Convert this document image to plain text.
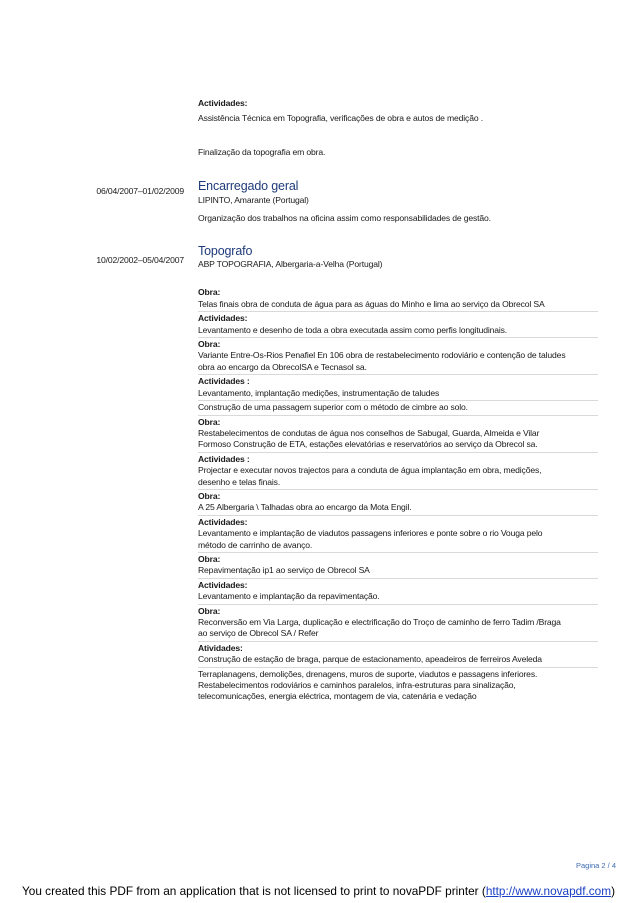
06/04/2007–01/02/2009
10/02/2002–05/04/2007
Actividades:
Assistência Técnica em Topografia, verificações de obra e autos de medição .
Finalização da topografia em obra.
Encarregado geral
LIPINTO, Amarante (Portugal)
Organização dos trabalhos na oficina assim como responsabilidades de gestão.
Topografo
ABP TOPOGRAFIA, Albergaria-a-Velha (Portugal)
Obra:
Telas finais obra de conduta de água para as águas do Minho e lima ao serviço da Obrecol SA
Actividades:
Levantamento e desenho de toda a obra executada assim como perfis longitudinais.
Obra:
Variante Entre-Os-Rios Penafiel En 106 obra de restabelecimento rodoviário e contenção de taludes
obra ao encargo da ObrecolSA e Tecnasol sa.
Actividades :
Levantamento, implantação medições, instrumentação de taludes
Construção de uma passagem superior com o método de cimbre ao solo.
Obra:
Restabelecimentos de condutas de água nos conselhos de Sabugal, Guarda, Almeida e Vilar
Formoso Construção de ETA, estações elevatórias e reservatórios ao serviço da Obrecol sa.
Actividades :
Projectar e executar novos trajectos para a conduta de água implantação em obra, medições,
desenho e telas finais.
Obra:
A 25 Albergaria \ Talhadas obra ao encargo da Mota Engil.
Actividades:
Levantamento e implantação de viadutos passagens inferiores e ponte sobre o rio Vouga pelo
método de carrinho de avanço.
Obra:
Repavimentação ip1 ao serviço de Obrecol SA
Actividades:
Levantamento e implantação da repavimentação.
Obra:
Reconversão em Via Larga, duplicação e electrificação do Troço de caminho de ferro Tadim /Braga
ao serviço de Obrecol SA / Refer
Atividades:
Construção de estação de braga, parque de estacionamento, apeadeiros de ferreiros Aveleda
Terraplanagens, demolições, drenagens, muros de suporte, viadutos e passagens inferiores.
Restabelecimentos rodoviários e caminhos paralelos, infra-estruturas para sinalização,
telecomunicações, energia eléctrica, montagem de via, catenária e vedação
Pagina 2 / 4
You created this PDF from an application that is not licensed to print to novaPDF printer (http://www.novapdf.com)
